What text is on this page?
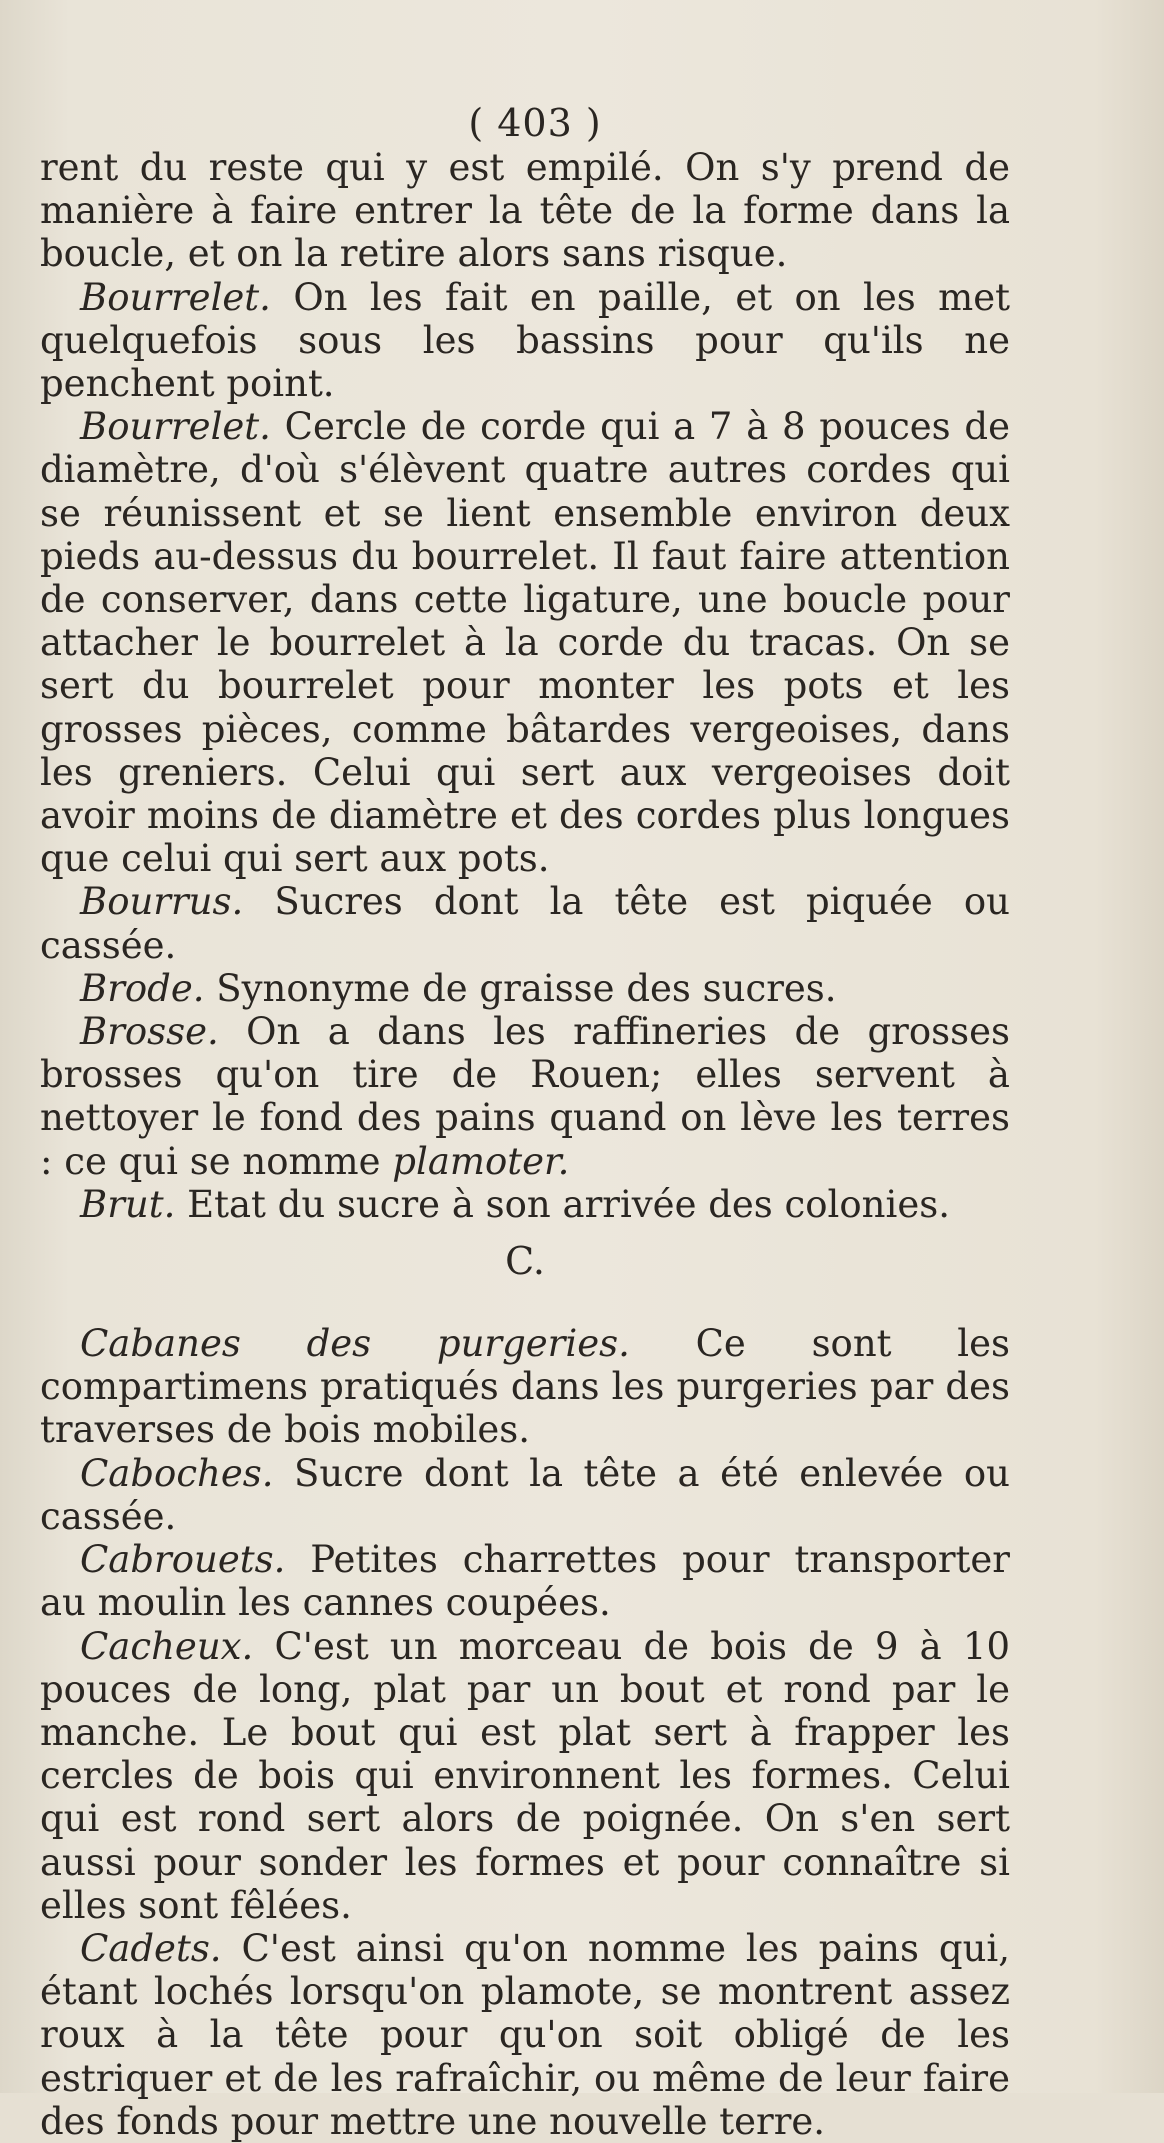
( 403 )

rent du reste qui y est empilé. On s'y prend de manière à faire entrer la tête de la forme dans la boucle, et on la retire alors sans risque.

Bourrelet. On les fait en paille, et on les met quelquefois sous les bassins pour qu'ils ne penchent point.

Bourrelet. Cercle de corde qui a 7 à 8 pouces de diamètre, d'où s'élèvent quatre autres cordes qui se réunissent et se lient ensemble environ deux pieds au-dessus du bourrelet. Il faut faire attention de conserver, dans cette ligature, une boucle pour attacher le bourrelet à la corde du tracas. On se sert du bourrelet pour monter les pots et les grosses pièces, comme bâtardes vergeoises, dans les greniers. Celui qui sert aux vergeoises doit avoir moins de diamètre et des cordes plus longues que celui qui sert aux pots.

Bourrus. Sucres dont la tête est piquée ou cassée.

Brode. Synonyme de graisse des sucres.

Brosse. On a dans les raffineries de grosses brosses qu'on tire de Rouen; elles servent à nettoyer le fond des pains quand on lève les terres : ce qui se nomme plamoter.

Brut. Etat du sucre à son arrivée des colonies.

C.

Cabanes des purgeries. Ce sont les compartimens pratiqués dans les purgeries par des traverses de bois mobiles.

Caboches. Sucre dont la tête a été enlevée ou cassée.

Cabrouets. Petites charrettes pour transporter au moulin les cannes coupées.

Cacheux. C'est un morceau de bois de 9 à 10 pouces de long, plat par un bout et rond par le manche. Le bout qui est plat sert à frapper les cercles de bois qui environnent les formes. Celui qui est rond sert alors de poignée. On s'en sert aussi pour sonder les formes et pour connaître si elles sont fêlées.

Cadets. C'est ainsi qu'on nomme les pains qui, étant lochés lorsqu'on plamote, se montrent assez roux à la tête pour qu'on soit obligé de les estriquer et de les rafraîchir, ou même de leur faire des fonds pour mettre une nouvelle terre.
